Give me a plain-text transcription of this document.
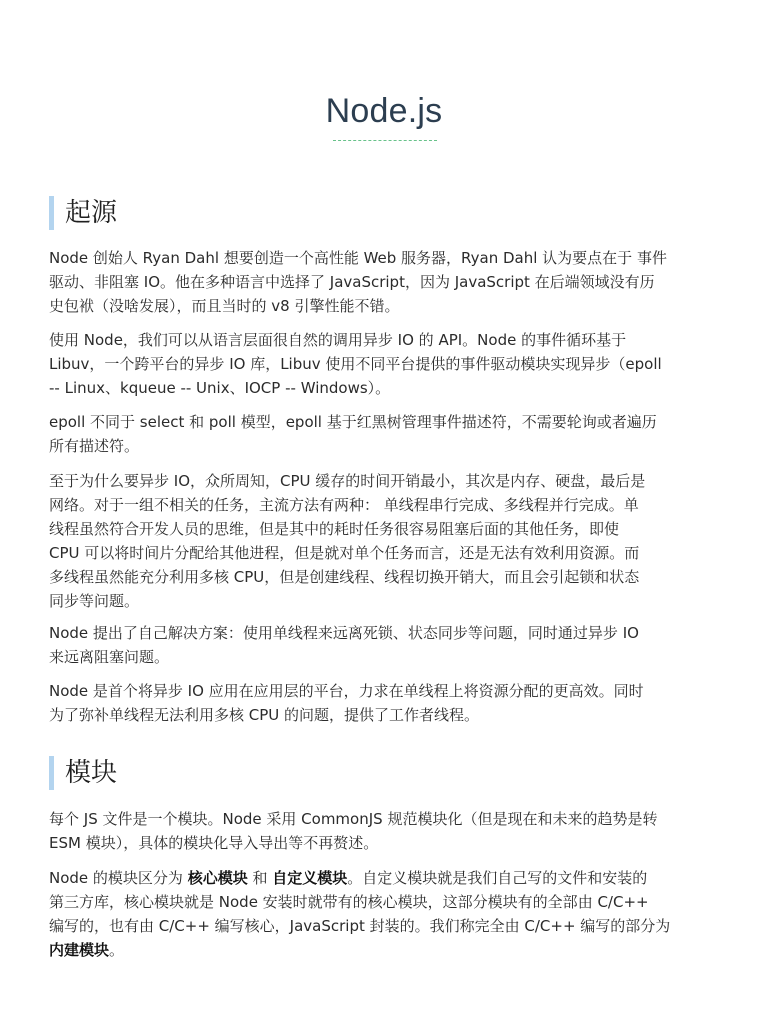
Node.js
起源

Node 创始人 Ryan Dahl 想要创造一个高性能 Web 服务器，Ryan Dahl 认为要点在于 事件
驱动、非阻塞 IO。他在多种语言中选择了 JavaScript，因为 JavaScript 在后端领域没有历
史包袱（没啥发展），而且当时的 v8 引擎性能不错。

使用 Node，我们可以从语言层面很自然的调用异步 IO 的 API。Node 的事件循环基于
Libuv，一个跨平台的异步 IO 库，Libuv 使用不同平台提供的事件驱动模块实现异步（epoll
-- Linux、kqueue -- Unix、IOCP -- Windows）。

epoll 不同于 select 和 poll 模型，epoll 基于红黑树管理事件描述符，不需要轮询或者遍历
所有描述符。

至于为什么要异步 IO，众所周知，CPU 缓存的时间开销最小，其次是内存、硬盘，最后是
网络。对于一组不相关的任务，主流方法有两种： 单线程串行完成、多线程并行完成。单
线程虽然符合开发人员的思维，但是其中的耗时任务很容易阻塞后面的其他任务，即使
CPU 可以将时间片分配给其他进程，但是就对单个任务而言，还是无法有效利用资源。而
多线程虽然能充分利用多核 CPU，但是创建线程、线程切换开销大，而且会引起锁和状态
同步等问题。

Node 提出了自己解决方案：使用单线程来远离死锁、状态同步等问题，同时通过异步 IO
来远离阻塞问题。

Node 是首个将异步 IO 应用在应用层的平台，力求在单线程上将资源分配的更高效。同时
为了弥补单线程无法利用多核 CPU 的问题，提供了工作者线程。

模块

每个 JS 文件是一个模块。Node 采用 CommonJS 规范模块化（但是现在和未来的趋势是转
ESM 模块），具体的模块化导入导出等不再赘述。

Node 的模块区分为 核心模块 和 自定义模块。自定义模块就是我们自己写的文件和安装的
第三方库，核心模块就是 Node 安装时就带有的核心模块，这部分模块有的全部由 C/C++
编写的，也有由 C/C++ 编写核心，JavaScript 封装的。我们称完全由 C/C++ 编写的部分为
内建模块。
